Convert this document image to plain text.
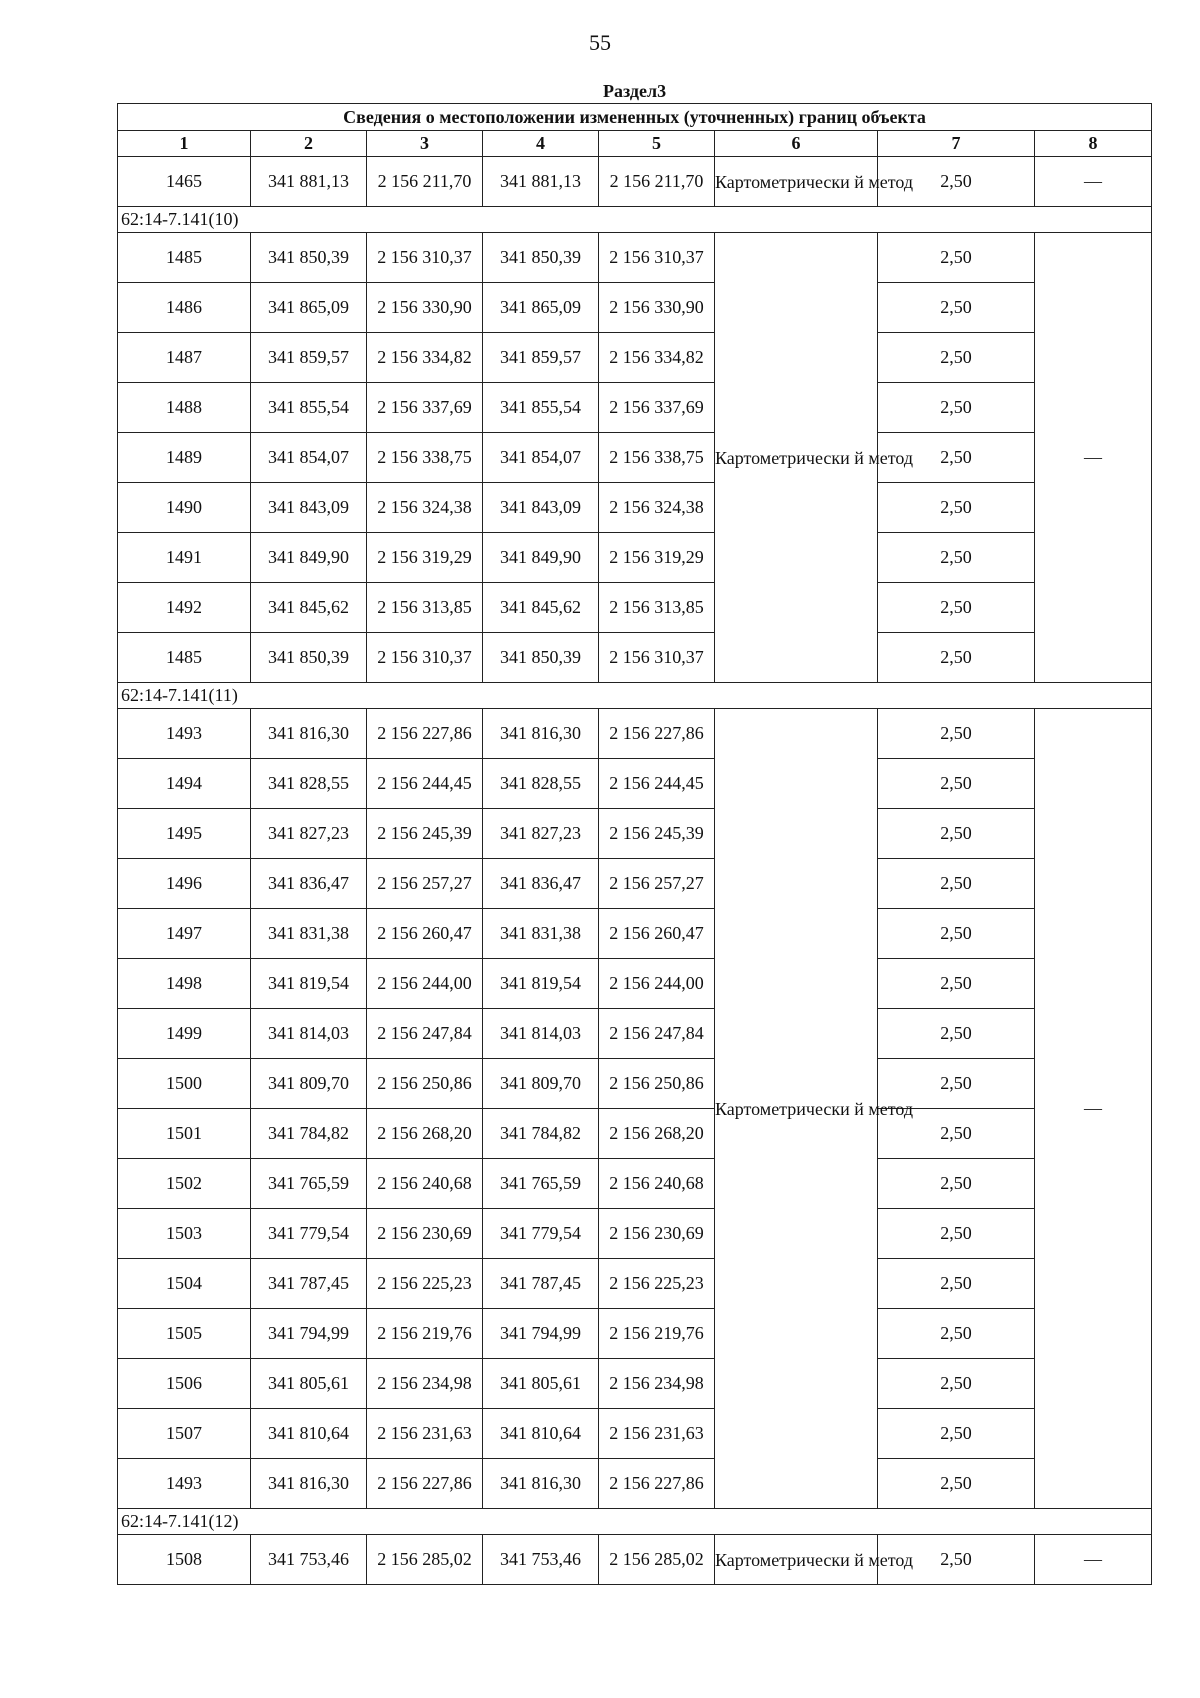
55
Раздел3							
Сведения о местоположении измененных (уточненных) границ объекта							
1	2	3	4	5	6	7	8
1465	341 881,13	2 156 211,70	341 881,13	2 156 211,70	Картометрически й метод	2,50	—
62:14-7.141(10)							
1485	341 850,39	2 156 310,37	341 850,39	2 156 310,37	Картометрически й метод	2,50	—
1486	341 865,09	2 156 330,90	341 865,09	2 156 330,90		2,50	
1487	341 859,57	2 156 334,82	341 859,57	2 156 334,82		2,50	
1488	341 855,54	2 156 337,69	341 855,54	2 156 337,69		2,50	
1489	341 854,07	2 156 338,75	341 854,07	2 156 338,75		2,50	
1490	341 843,09	2 156 324,38	341 843,09	2 156 324,38		2,50	
1491	341 849,90	2 156 319,29	341 849,90	2 156 319,29		2,50	
1492	341 845,62	2 156 313,85	341 845,62	2 156 313,85		2,50	
1485	341 850,39	2 156 310,37	341 850,39	2 156 310,37		2,50	
62:14-7.141(11)							
1493	341 816,30	2 156 227,86	341 816,30	2 156 227,86	Картометрически й метод	2,50	—
1494	341 828,55	2 156 244,45	341 828,55	2 156 244,45		2,50	
1495	341 827,23	2 156 245,39	341 827,23	2 156 245,39		2,50	
1496	341 836,47	2 156 257,27	341 836,47	2 156 257,27		2,50	
1497	341 831,38	2 156 260,47	341 831,38	2 156 260,47		2,50	
1498	341 819,54	2 156 244,00	341 819,54	2 156 244,00		2,50	
1499	341 814,03	2 156 247,84	341 814,03	2 156 247,84		2,50	
1500	341 809,70	2 156 250,86	341 809,70	2 156 250,86		2,50	
1501	341 784,82	2 156 268,20	341 784,82	2 156 268,20		2,50	
1502	341 765,59	2 156 240,68	341 765,59	2 156 240,68		2,50	
1503	341 779,54	2 156 230,69	341 779,54	2 156 230,69		2,50	
1504	341 787,45	2 156 225,23	341 787,45	2 156 225,23		2,50	
1505	341 794,99	2 156 219,76	341 794,99	2 156 219,76		2,50	
1506	341 805,61	2 156 234,98	341 805,61	2 156 234,98		2,50	
1507	341 810,64	2 156 231,63	341 810,64	2 156 231,63		2,50	
1493	341 816,30	2 156 227,86	341 816,30	2 156 227,86		2,50	
62:14-7.141(12)							
1508	341 753,46	2 156 285,02	341 753,46	2 156 285,02	Картометрически й метод	2,50	—
